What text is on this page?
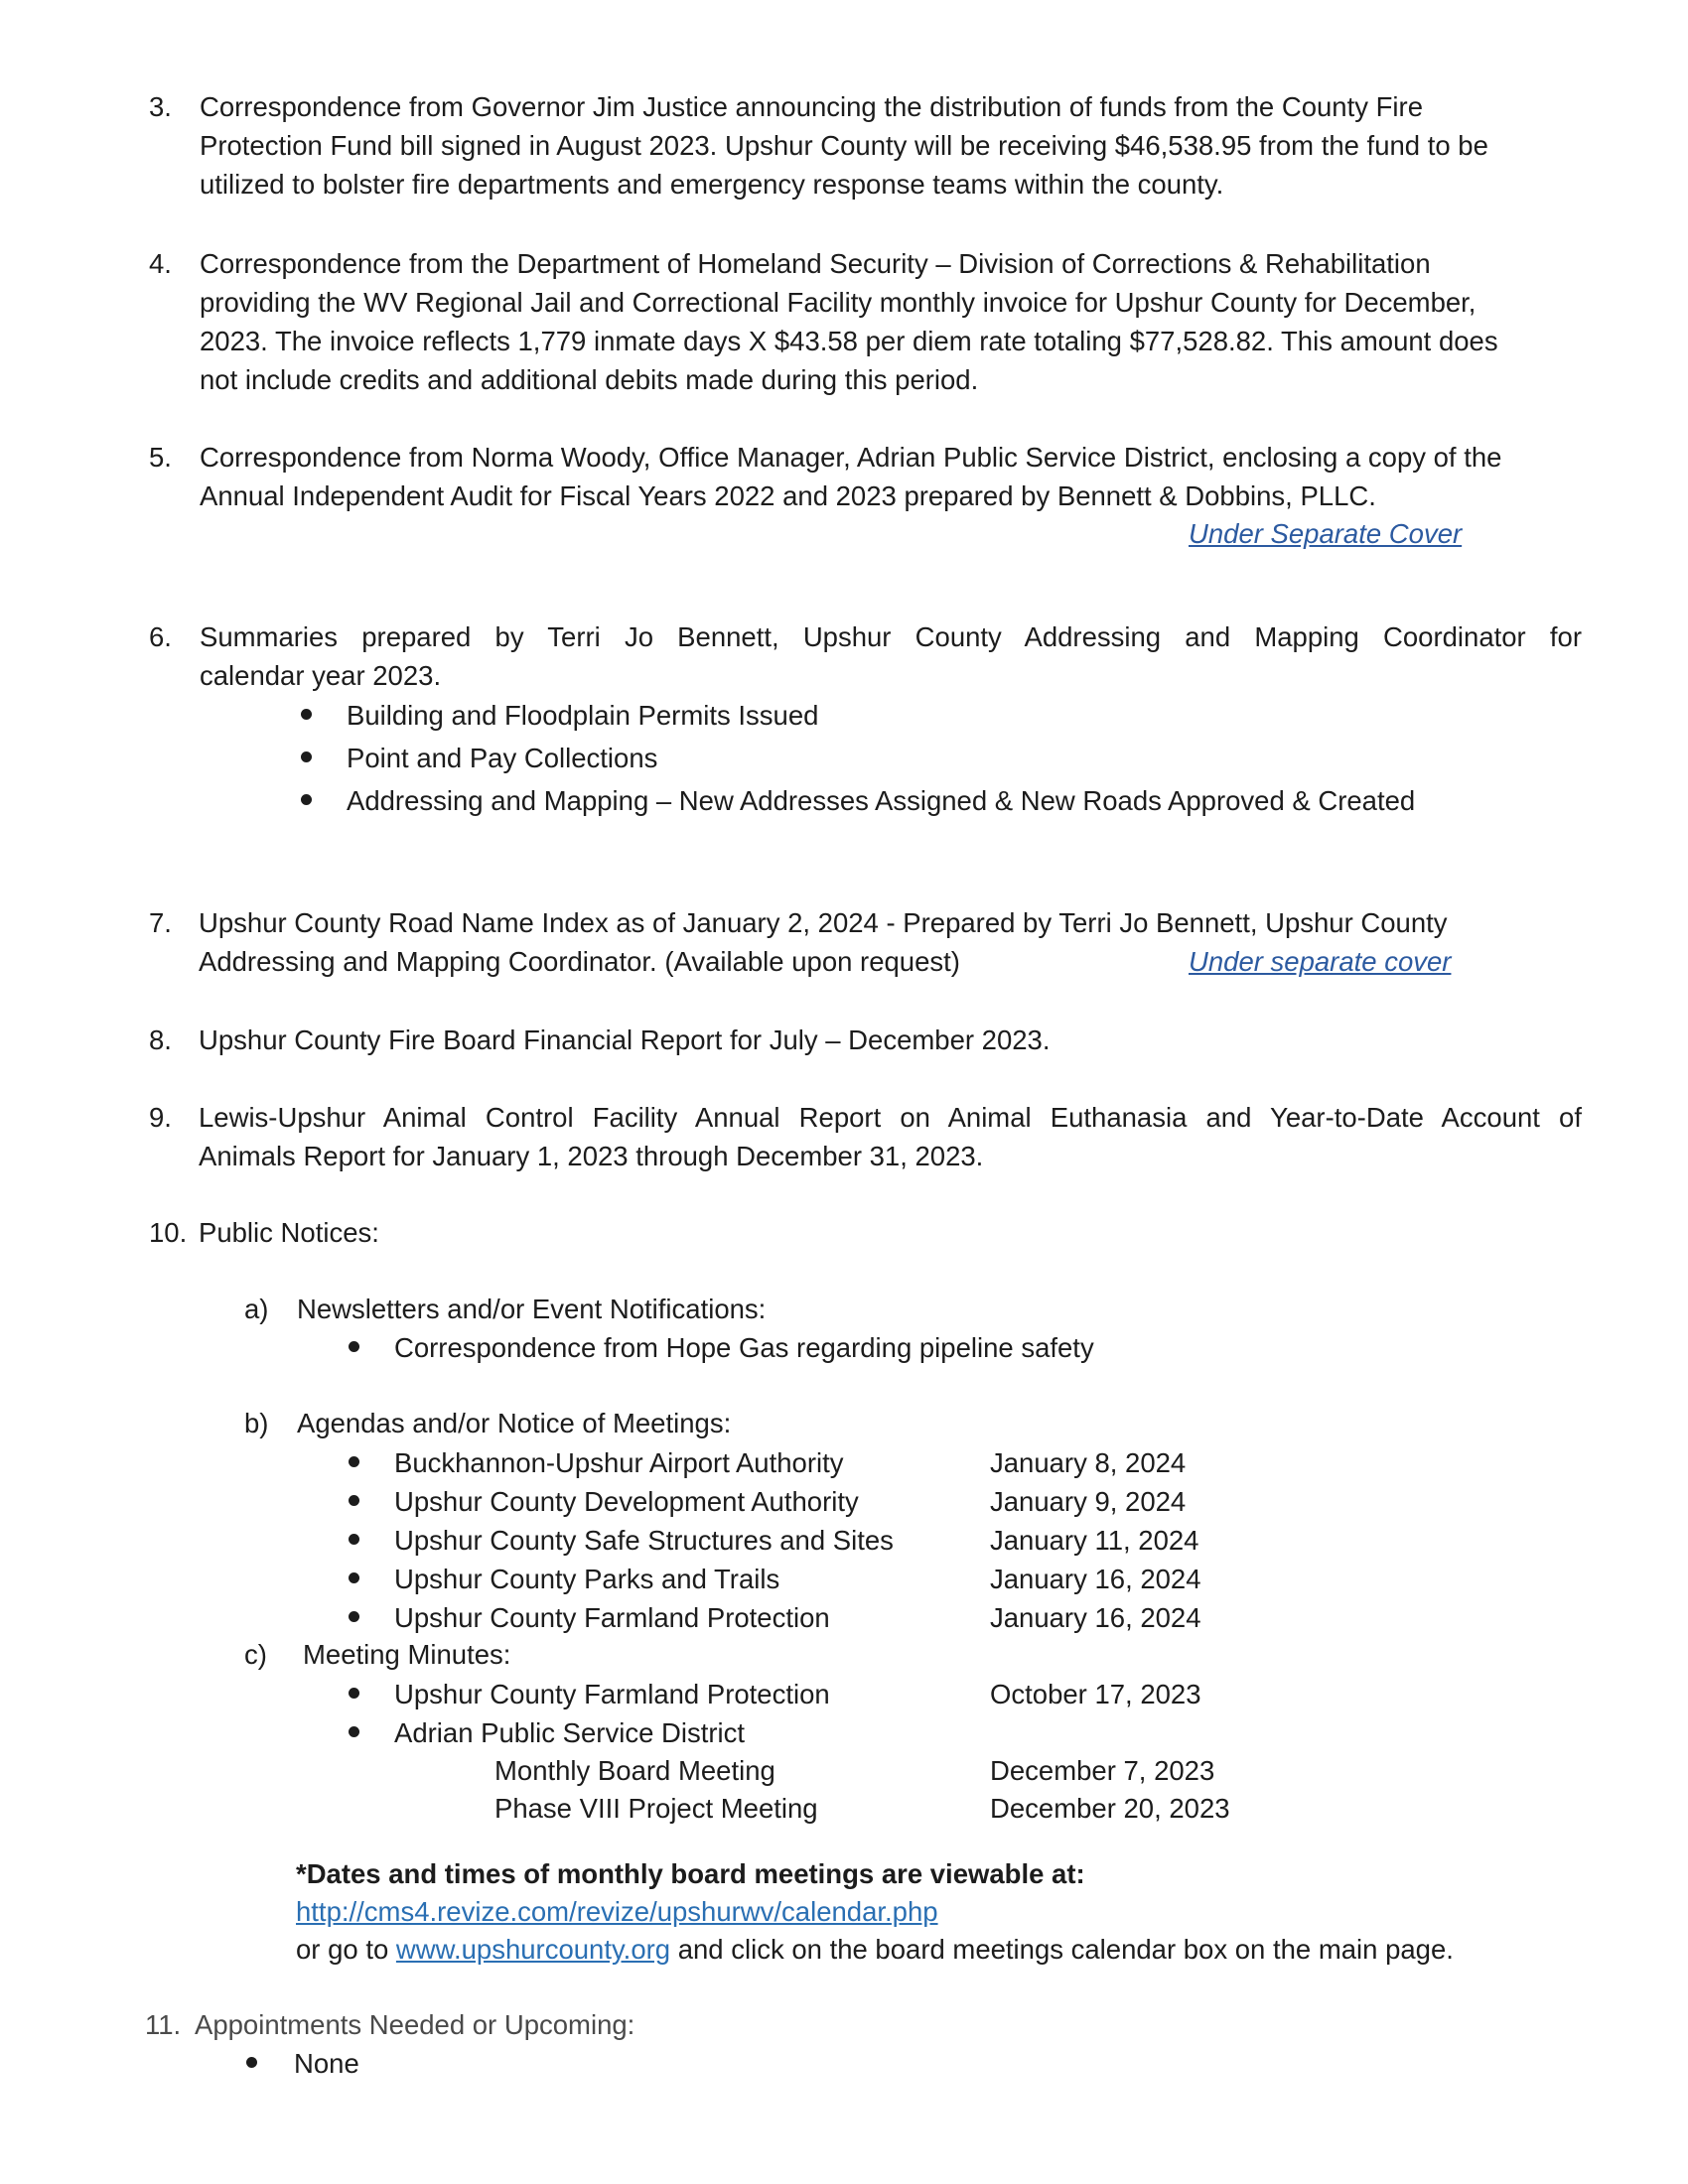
3. Correspondence from Governor Jim Justice announcing the distribution of funds from the County Fire
Protection Fund bill signed in August 2023. Upshur County will be receiving $46,538.95 from the fund to be
utilized to bolster fire departments and emergency response teams within the county.
4. Correspondence from the Department of Homeland Security – Division of Corrections & Rehabilitation
providing the WV Regional Jail and Correctional Facility monthly invoice for Upshur County for December,
2023. The invoice reflects 1,779 inmate days X $43.58 per diem rate totaling $77,528.82. This amount does
not include credits and additional debits made during this period.
5. Correspondence from Norma Woody, Office Manager, Adrian Public Service District, enclosing a copy of the
Annual Independent Audit for Fiscal Years 2022 and 2023 prepared by Bennett & Dobbins, PLLC.
Under Separate Cover
6. Summaries prepared by Terri Jo Bennett, Upshur County Addressing and Mapping Coordinator for
calendar year 2023.
Building and Floodplain Permits Issued
Point and Pay Collections
Addressing and Mapping – New Addresses Assigned & New Roads Approved & Created
7. Upshur County Road Name Index as of January 2, 2024 - Prepared by Terri Jo Bennett, Upshur County
Addressing and Mapping Coordinator. (Available upon request)	Under separate cover
8. Upshur County Fire Board Financial Report for July – December 2023.
9. Lewis-Upshur Animal Control Facility Annual Report on Animal Euthanasia and Year-to-Date Account of
Animals Report for January 1, 2023 through December 31, 2023.
10. Public Notices:
a) Newsletters and/or Event Notifications:
Correspondence from Hope Gas regarding pipeline safety
b) Agendas and/or Notice of Meetings:
Buckhannon-Upshur Airport Authority	January 8, 2024
Upshur County Development Authority	January 9, 2024
Upshur County Safe Structures and Sites	January 11, 2024
Upshur County Parks and Trails	January 16, 2024
Upshur County Farmland Protection	January 16, 2024
c) Meeting Minutes:
Upshur County Farmland Protection	October 17, 2023
Adrian Public Service District
Monthly Board Meeting	December 7, 2023
Phase VIII Project Meeting	December 20, 2023
*Dates and times of monthly board meetings are viewable at:
http://cms4.revize.com/revize/upshurwv/calendar.php
or go to www.upshurcounty.org and click on the board meetings calendar box on the main page.
11. Appointments Needed or Upcoming:
None
